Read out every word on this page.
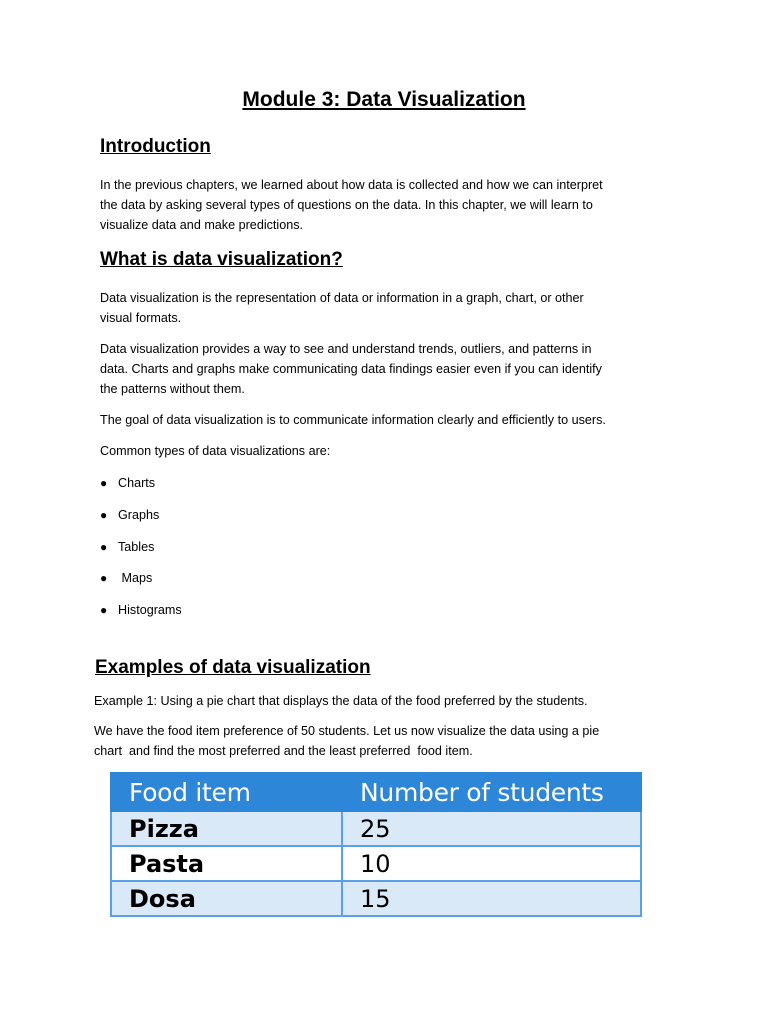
Module 3: Data Visualization
Introduction
In the previous chapters, we learned about how data is collected and how we can interpret
the data by asking several types of questions on the data. In this chapter, we will learn to
visualize data and make predictions.
What is data visualization?
Data visualization is the representation of data or information in a graph, chart, or other
visual formats.
Data visualization provides a way to see and understand trends, outliers, and patterns in
data. Charts and graphs make communicating data findings easier even if you can identify
the patterns without them.
The goal of data visualization is to communicate information clearly and efficiently to users.
Common types of data visualizations are:
● Charts
● Graphs
● Tables
● Maps
● Histograms
Examples of data visualization
Example 1: Using a pie chart that displays the data of the food preferred by the students.
We have the food item preference of 50 students. Let us now visualize the data using a pie
chart  and find the most preferred and the least preferred  food item.
Food item	Number of students
Pizza	25
Pasta	10
Dosa	15
